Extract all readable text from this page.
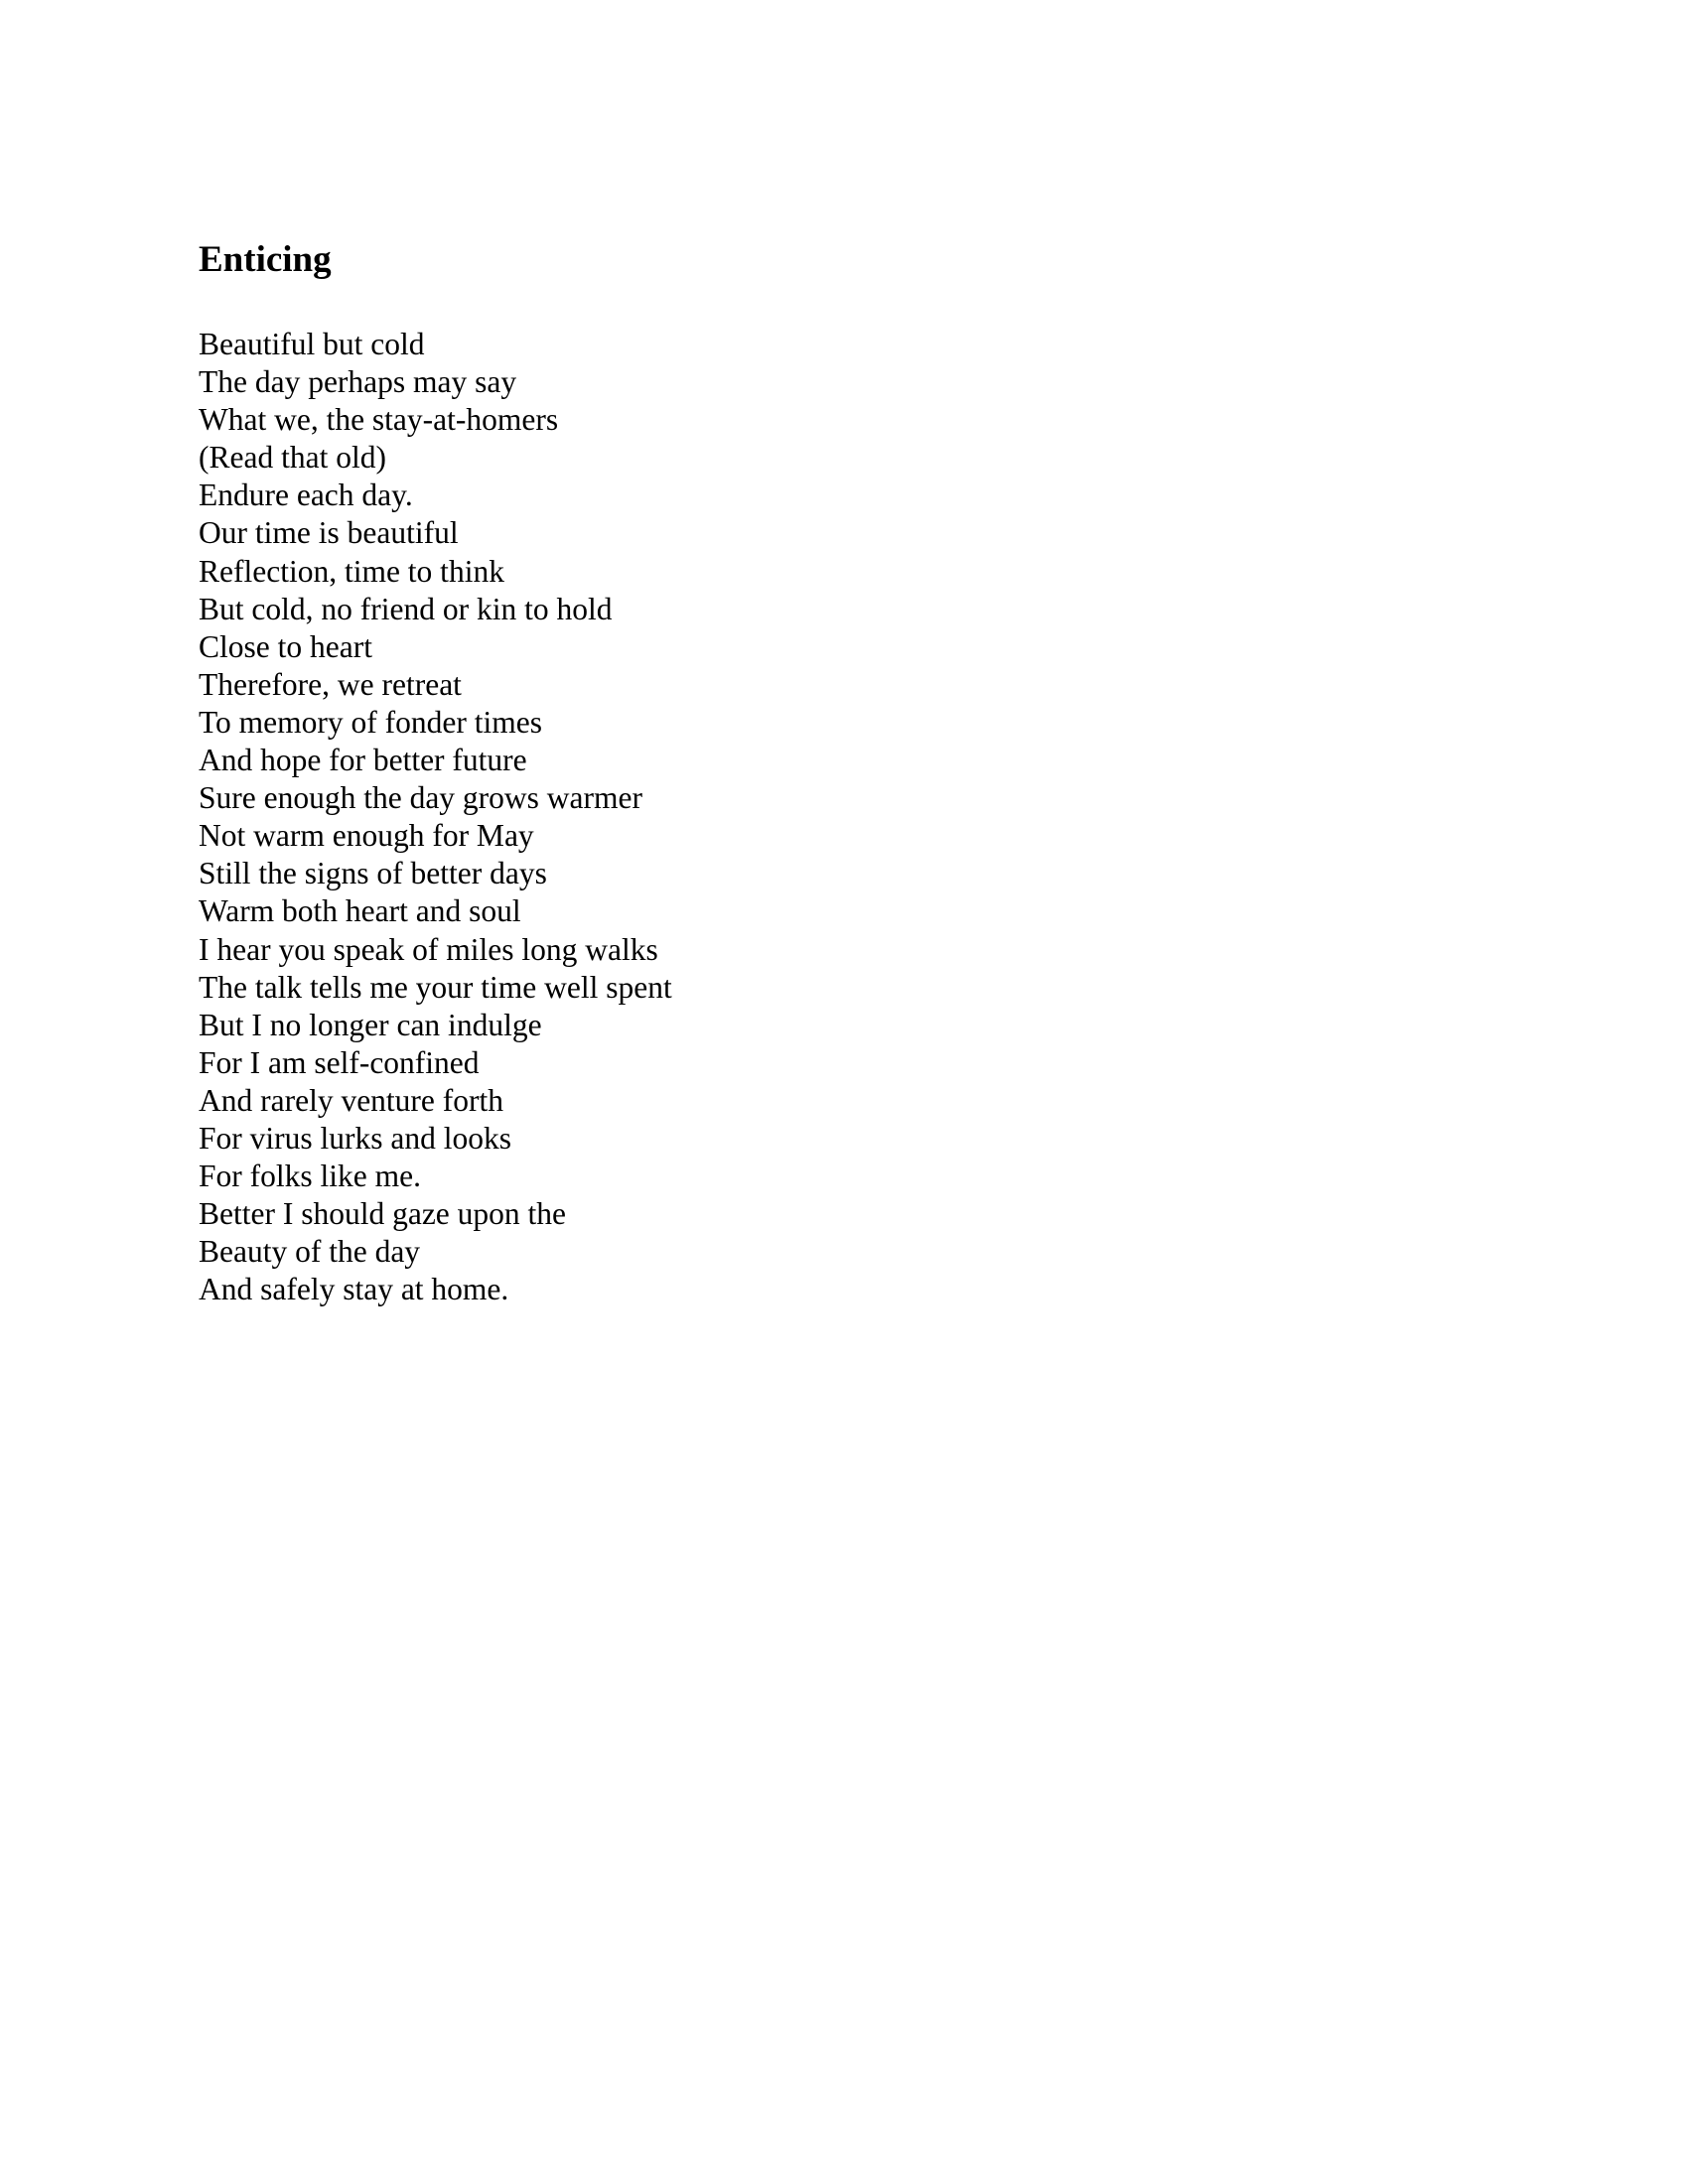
Enticing
Beautiful but cold
The day perhaps may say
What we, the stay-at-homers
(Read that old)
Endure each day.
Our time is beautiful
Reflection, time to think
But cold, no friend or kin to hold
Close to heart
Therefore, we retreat
To memory of fonder times
And hope for better future
Sure enough the day grows warmer
Not warm enough for May
Still the signs of better days
Warm both heart and soul
I hear you speak of miles long walks
The talk tells me your time well spent
But I no longer can indulge
For I am self-confined
And rarely venture forth
For virus lurks and looks
For folks like me.
Better I should gaze upon the
Beauty of the day
And safely stay at home.
